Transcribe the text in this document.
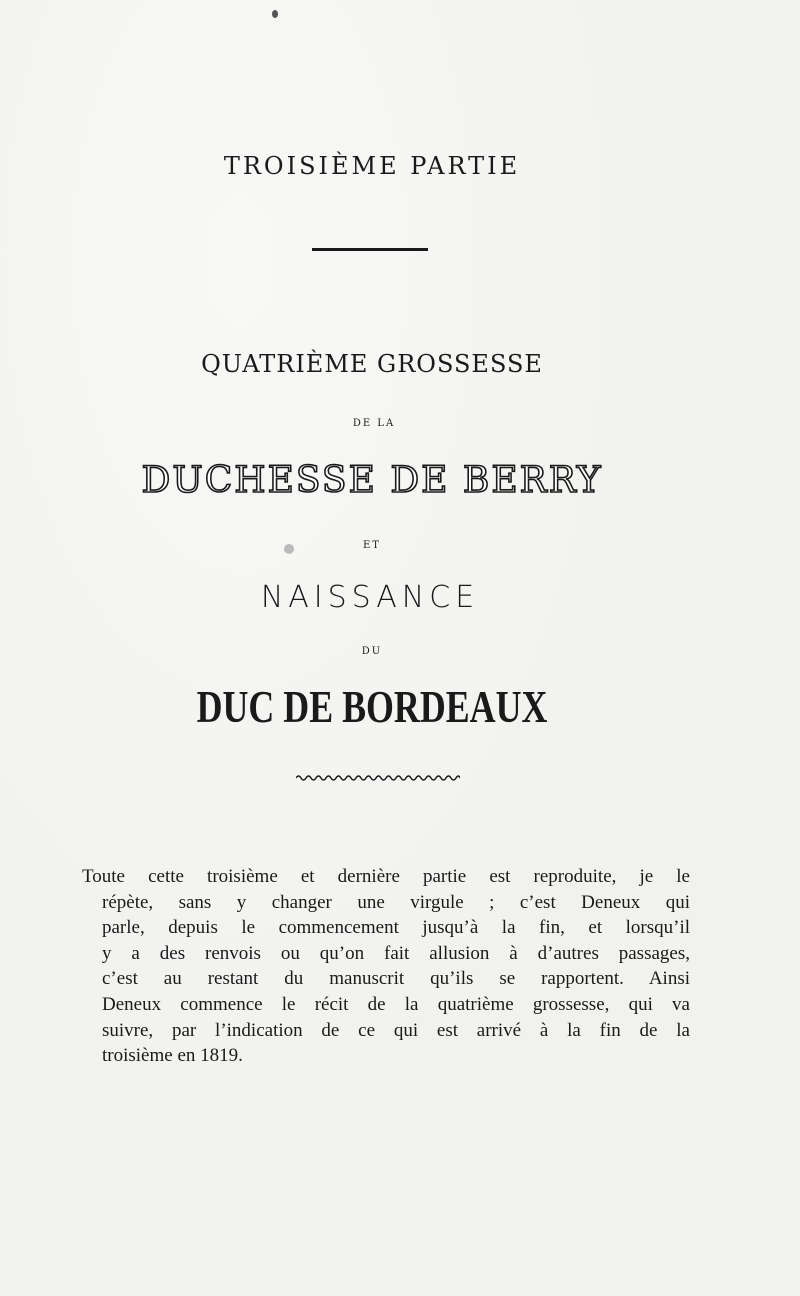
TROISIÈME PARTIE
QUATRIÈME GROSSESSE
DE LA
DUCHESSE DE BERRY
ET
NAISSANCE
DU
DUC DE BORDEAUX
Toute cette troisième et dernière partie est reproduite, je le
répète, sans y changer une virgule ; c’est Deneux qui
parle, depuis le commencement jusqu’à la fin, et lorsqu’il
y a des renvois ou qu’on fait allusion à d’autres passages,
c’est au restant du manuscrit qu’ils se rapportent. Ainsi
Deneux commence le récit de la quatrième grossesse, qui va
suivre, par l’indication de ce qui est arrivé à la fin de la
troisième en 1819.
